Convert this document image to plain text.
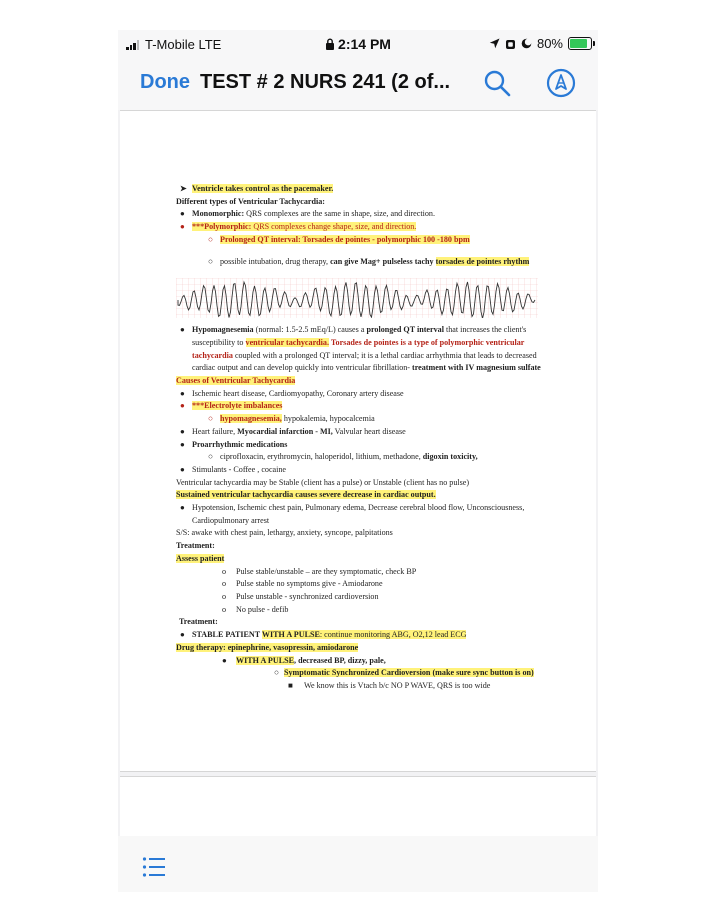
T-Mobile LTE	2:14 PM	80%
Done TEST # 2 NURS 241 (2 of...
➤ Ventricle takes control as the pacemaker.
Different types of Ventricular Tachycardia:
● Monomorphic: QRS complexes are the same in shape, size, and direction.
● ***Polymorphic: QRS complexes change shape, size, and direction.
○ Prolonged QT interval: Torsades de pointes - polymorphic 100 -180 bpm
○ possible intubation, drug therapy, can give Mag+ pulseless tachy torsades de pointes rhythm
● Hypomagnesemia (normal: 1.5-2.5 mEq/L) causes a prolonged QT interval that increases the client's susceptibility to ventricular tachycardia. Torsades de pointes is a type of polymorphic ventricular tachycardia coupled with a prolonged QT interval; it is a lethal cardiac arrhythmia that leads to decreased cardiac output and can develop quickly into ventricular fibrillation- treatment with IV magnesium sulfate
Causes of Ventricular Tachycardia
● Ischemic heart disease, Cardiomyopathy, Coronary artery disease
● ***Electrolyte imbalances
○ hypomagnesemia, hypokalemia, hypocalcemia
● Heart failure, Myocardial infarction - MI, Valvular heart disease
● Proarrhythmic medications
○ ciprofloxacin, erythromycin, haloperidol, lithium, methadone, digoxin toxicity,
● Stimulants - Coffee , cocaine
Ventricular tachycardia may be Stable (client has a pulse) or Unstable (client has no pulse)
Sustained ventricular tachycardia causes severe decrease in cardiac output.
● Hypotension, Ischemic chest pain, Pulmonary edema, Decrease cerebral blood flow, Unconsciousness, Cardiopulmonary arrest
S/S: awake with chest pain, lethargy, anxiety, syncope, palpitations
Treatment:
Assess patient
o Pulse stable/unstable – are they symptomatic, check BP
o Pulse stable no symptoms give - Amiodarone
o Pulse unstable - synchronized cardioversion
o No pulse - defib
Treatment:
● STABLE PATIENT WITH A PULSE: continue monitoring ABG, O2,12 lead ECG
Drug therapy: epinephrine, vasopressin, amiodarone
● WITH A PULSE, decreased BP, dizzy, pale,
○ Symptomatic Synchronized Cardioversion (make sure sync button is on)
■ We know this is Vtach b/c NO P WAVE, QRS is too wide
